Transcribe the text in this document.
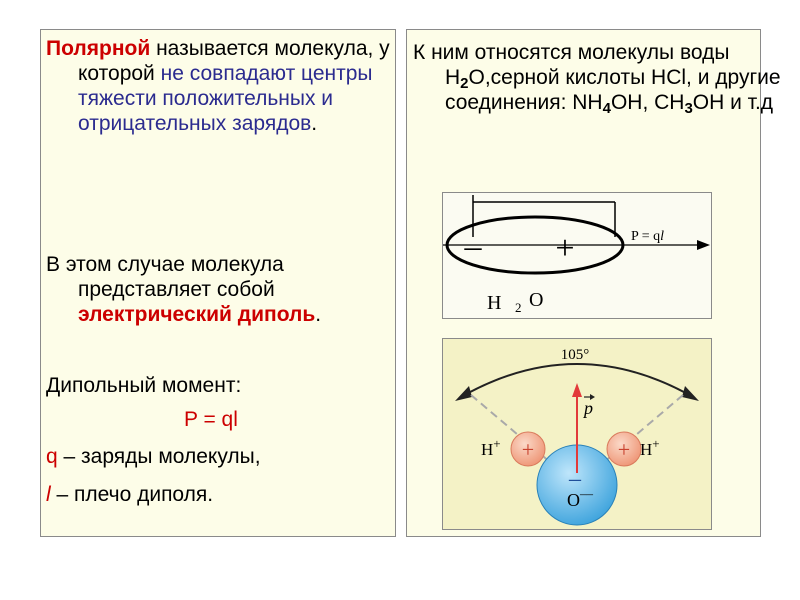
Полярной называется молекула, у которой не совпадают центры тяжести положительных и отрицательных зарядов.

В этом случае молекула представляет собой электрический диполь.

Дипольный момент:

P = ql

q – заряды молекулы,

l – плечо диполя.

К ним относятся молекулы воды $H_2O,серной$ кислоты HCl, и другие соединения: $NH_4OH$, $CH_3OH$ и т.д

– +	P = ql
H 2 O
105°
+	+
p
–
H+	H+
O––
